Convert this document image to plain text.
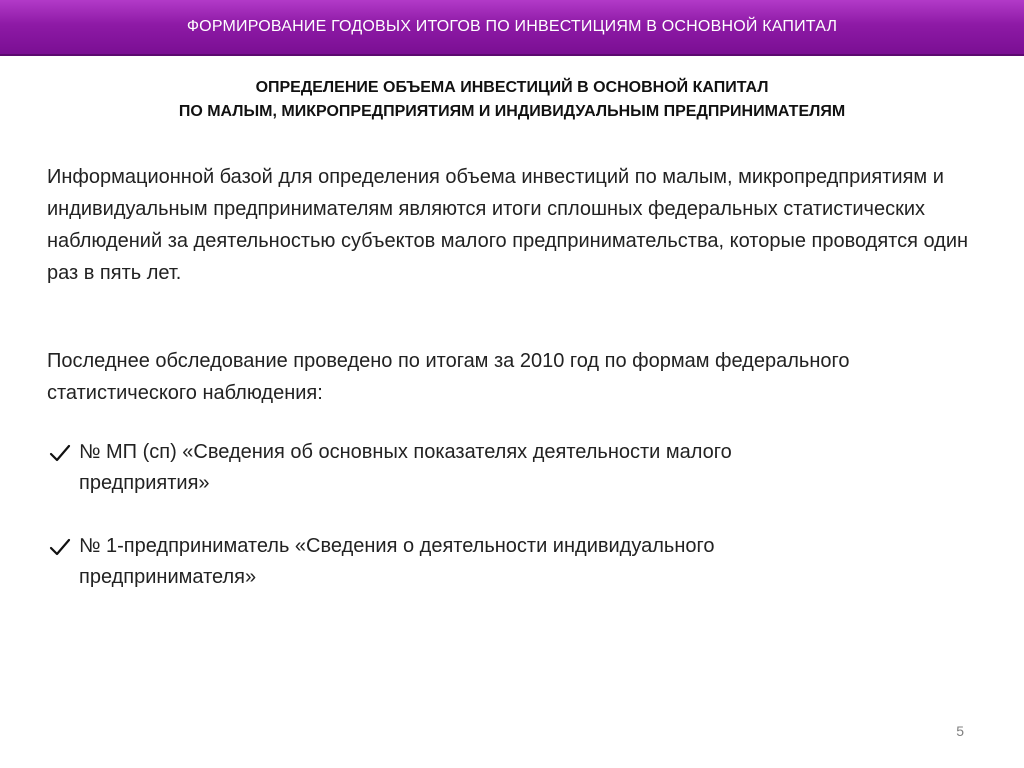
ФОРМИРОВАНИЕ ГОДОВЫХ ИТОГОВ ПО ИНВЕСТИЦИЯМ В ОСНОВНОЙ КАПИТАЛ
ОПРЕДЕЛЕНИЕ ОБЪЕМА ИНВЕСТИЦИЙ В ОСНОВНОЙ КАПИТАЛ
ПО МАЛЫМ, МИКРОПРЕДПРИЯТИЯМ И ИНДИВИДУАЛЬНЫМ ПРЕДПРИНИМАТЕЛЯМ
Информационной базой для определения объема инвестиций по малым, микропредприятиям и индивидуальным предпринимателям являются итоги сплошных федеральных статистических наблюдений за деятельностью субъектов малого предпринимательства, которые проводятся один раз в пять лет.
Последнее обследование проведено по итогам за 2010 год по формам федерального статистического наблюдения:
№ МП (сп) «Сведения об основных показателях деятельности малого предприятия»
№ 1-предприниматель «Сведения о деятельности индивидуального предпринимателя»
5
